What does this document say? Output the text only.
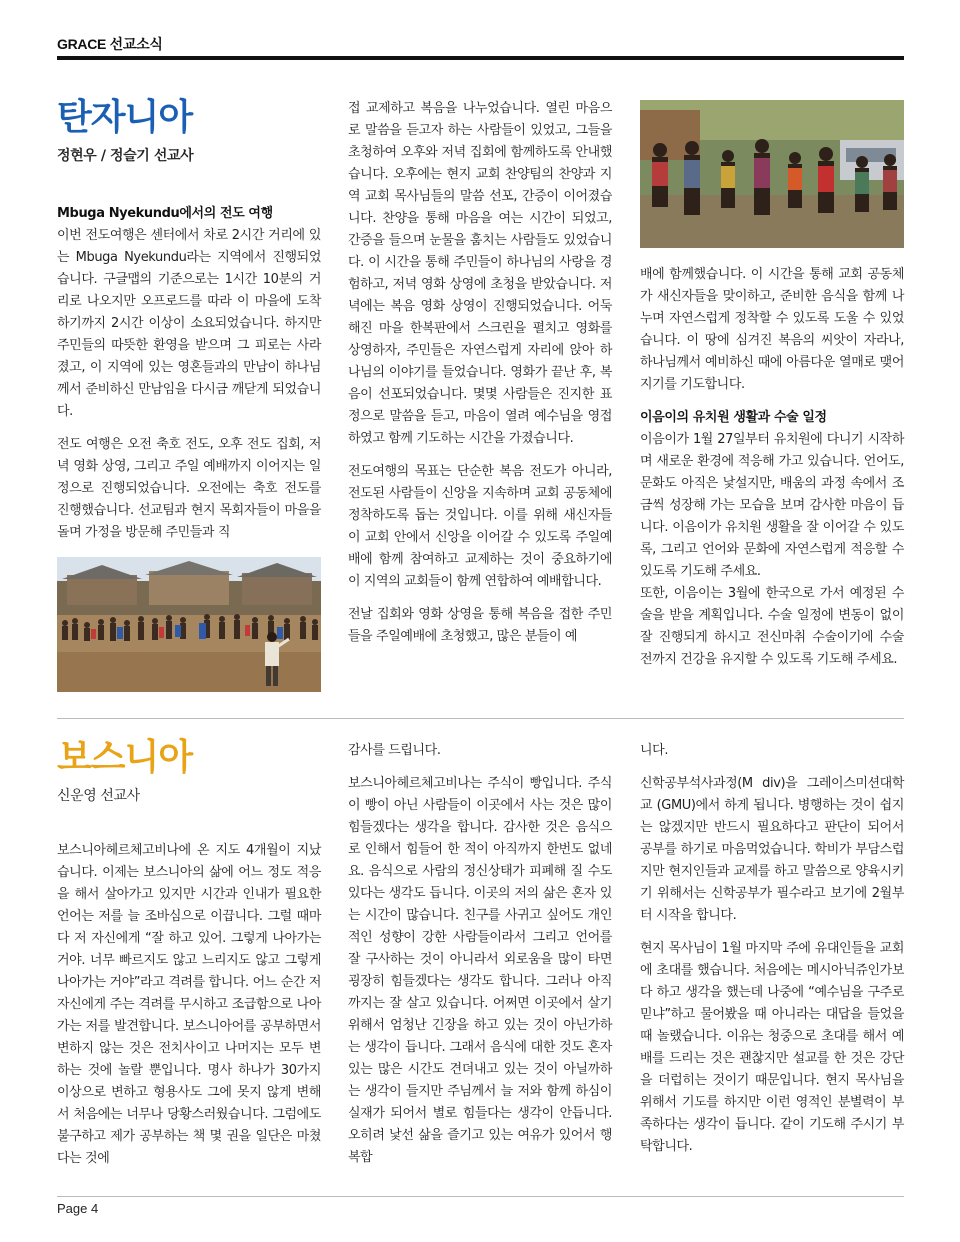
GRACE 선교소식
탄자니아
정현우 / 정슬기 선교사
Mbuga Nyekundu에서의 전도 여행

이번 전도여행은 센터에서 차로 2시간 거리에 있는 Mbuga Nyekundu라는 지역에서 진행되었습니다. 구글맵의 기준으로는 1시간 10분의 거리로 나오지만 오프로드를 따라 이 마을에 도착하기까지 2시간 이상이 소요되었습니다. 하지만 주민들의 따뜻한 환영을 받으며 그 피로는 사라졌고, 이 지역에 있는 영혼들과의 만남이 하나님께서 준비하신 만남임을 다시금 깨닫게 되었습니다.

전도 여행은 오전 축호 전도, 오후 전도 집회, 저녁 영화 상영, 그리고 주일 예배까지 이어지는 일정으로 진행되었습니다. 오전에는 축호 전도를 진행했습니다. 선교팀과 현지 목회자들이 마을을 돌며 가정을 방문해 주민들과 직

접 교제하고 복음을 나누었습니다. 열린 마음으로 말씀을 듣고자 하는 사람들이 있었고, 그들을 초청하여 오후와 저녁 집회에 함께하도록 안내했습니다. 오후에는 현지 교회 찬양팀의 찬양과 지역 교회 목사님들의 말씀 선포, 간증이 이어졌습니다. 찬양을 통해 마음을 여는 시간이 되었고, 간증을 들으며 눈물을 훔치는 사람들도 있었습니다. 이 시간을 통해 주민들이 하나님의 사랑을 경험하고, 저녁 영화 상영에 초청을 받았습니다. 저녁에는 복음 영화 상영이 진행되었습니다. 어둑해진 마을 한복판에서 스크린을 펼치고 영화를 상영하자, 주민들은 자연스럽게 자리에 앉아 하나님의 이야기를 들었습니다. 영화가 끝난 후, 복음이 선포되었습니다. 몇몇 사람들은 진지한 표정으로 말씀을 듣고, 마음이 열려 예수님을 영접하였고 함께 기도하는 시간을 가졌습니다.

전도여행의 목표는 단순한 복음 전도가 아니라, 전도된 사람들이 신앙을 지속하며 교회 공동체에 정착하도록 돕는 것입니다. 이를 위해 새신자들이 교회 안에서 신앙을 이어갈 수 있도록 주일예배에 함께 참여하고 교제하는 것이 중요하기에 이 지역의 교회들이 함께 연합하여 예배합니다.

전날 집회와 영화 상영을 통해 복음을 접한 주민들을 주일예배에 초청했고, 많은 분들이 예

배에 함께했습니다. 이 시간을 통해 교회 공동체가 새신자들을 맞이하고, 준비한 음식을 함께 나누며 자연스럽게 정착할 수 있도록 도울 수 있었습니다. 이 땅에 심겨진 복음의 씨앗이 자라나, 하나님께서 예비하신 때에 아름다운 열매로 맺어지기를 기도합니다.

이음이의 유치원 생활과 수술 일정

이음이가 1월 27일부터 유치원에 다니기 시작하며 새로운 환경에 적응해 가고 있습니다. 언어도, 문화도 아직은 낯설지만, 배움의 과정 속에서 조금씩 성장해 가는 모습을 보며 감사한 마음이 듭니다. 이음이가 유치원 생활을 잘 이어갈 수 있도록, 그리고 언어와 문화에 자연스럽게 적응할 수 있도록 기도해 주세요.

또한, 이음이는 3월에 한국으로 가서 예정된 수술을 받을 계획입니다. 수술 일정에 변동이 없이 잘 진행되게 하시고 전신마취 수술이기에 수술 전까지 건강을 유지할 수 있도록 기도해 주세요.

보스니아
신운영 선교사

보스니아헤르체고비나에 온 지도 4개월이 지났습니다. 이제는 보스니아의 삶에 어느 정도 적응을 해서 살아가고 있지만 시간과 인내가 필요한 언어는 저를 늘 조바심으로 이끕니다. 그럴 때마다 저 자신에게 “잘 하고 있어. 그렇게 나아가는 거야. 너무 빠르지도 않고 느리지도 않고 그렇게 나아가는 거야”라고 격려를 합니다. 어느 순간 저 자신에게 주는 격려를 무시하고 조급함으로 나아가는 저를 발견합니다. 보스니아어를 공부하면서 변하지 않는 것은 전치사이고 나머지는 모두 변하는 것에 놀랄 뿐입니다. 명사 하나가 30가지 이상으로 변하고 형용사도 그에 못지 않게 변해서 처음에는 너무나 당황스러웠습니다. 그럼에도 불구하고 제가 공부하는 책 몇 권을 일단은 마쳤다는 것에

감사를 드립니다.

보스니아헤르체고비나는 주식이 빵입니다. 주식이 빵이 아닌 사람들이 이곳에서 사는 것은 많이 힘들겠다는 생각을 합니다. 감사한 것은 음식으로 인해서 힘들어 한 적이 아직까지 한번도 없네요. 음식으로 사람의 정신상태가 피폐해 질 수도 있다는 생각도 듭니다. 이곳의 저의 삶은 혼자 있는 시간이 많습니다. 친구를 사귀고 싶어도 개인적인 성향이 강한 사람들이라서 그리고 언어를 잘 구사하는 것이 아니라서 외로움을 많이 타면 굉장히 힘들겠다는 생각도 합니다. 그러나 아직까지는 잘 살고 있습니다. 어쩌면 이곳에서 살기 위해서 엄청난 긴장을 하고 있는 것이 아닌가하는 생각이 듭니다. 그래서 음식에 대한 것도 혼자 있는 많은 시간도 견뎌내고 있는 것이 아닐까하는 생각이 들지만 주님께서 늘 저와 함께 하심이 실재가 되어서 별로 힘들다는 생각이 안듭니다. 오히려 낯선 삶을 즐기고 있는 여유가 있어서 행복합

니다.

신학공부석사과정(M div)을 그레이스미션대학교 (GMU)에서 하게 됩니다. 병행하는 것이 쉽지는 않겠지만 반드시 필요하다고 판단이 되어서 공부를 하기로 마음먹었습니다. 학비가 부담스럽지만 현지인들과 교제를 하고 말씀으로 양육시키기 위해서는 신학공부가 필수라고 보기에 2월부터 시작을 합니다.

현지 목사님이 1월 마지막 주에 유대인들을 교회에 초대를 했습니다. 처음에는 메시아닉쥬인가보다 하고 생각을 했는데 나중에 “예수님을 구주로 믿냐”하고 물어봤을 때 아니라는 대답을 들었을 때 놀랬습니다. 이유는 청중으로 초대를 해서 예배를 드리는 것은 괜찮지만 설교를 한 것은 강단을 더럽히는 것이기 때문입니다. 현지 목사님을 위해서 기도를 하지만 이런 영적인 분별력이 부족하다는 생각이 듭니다. 같이 기도해 주시기 부탁합니다.

Page 4
